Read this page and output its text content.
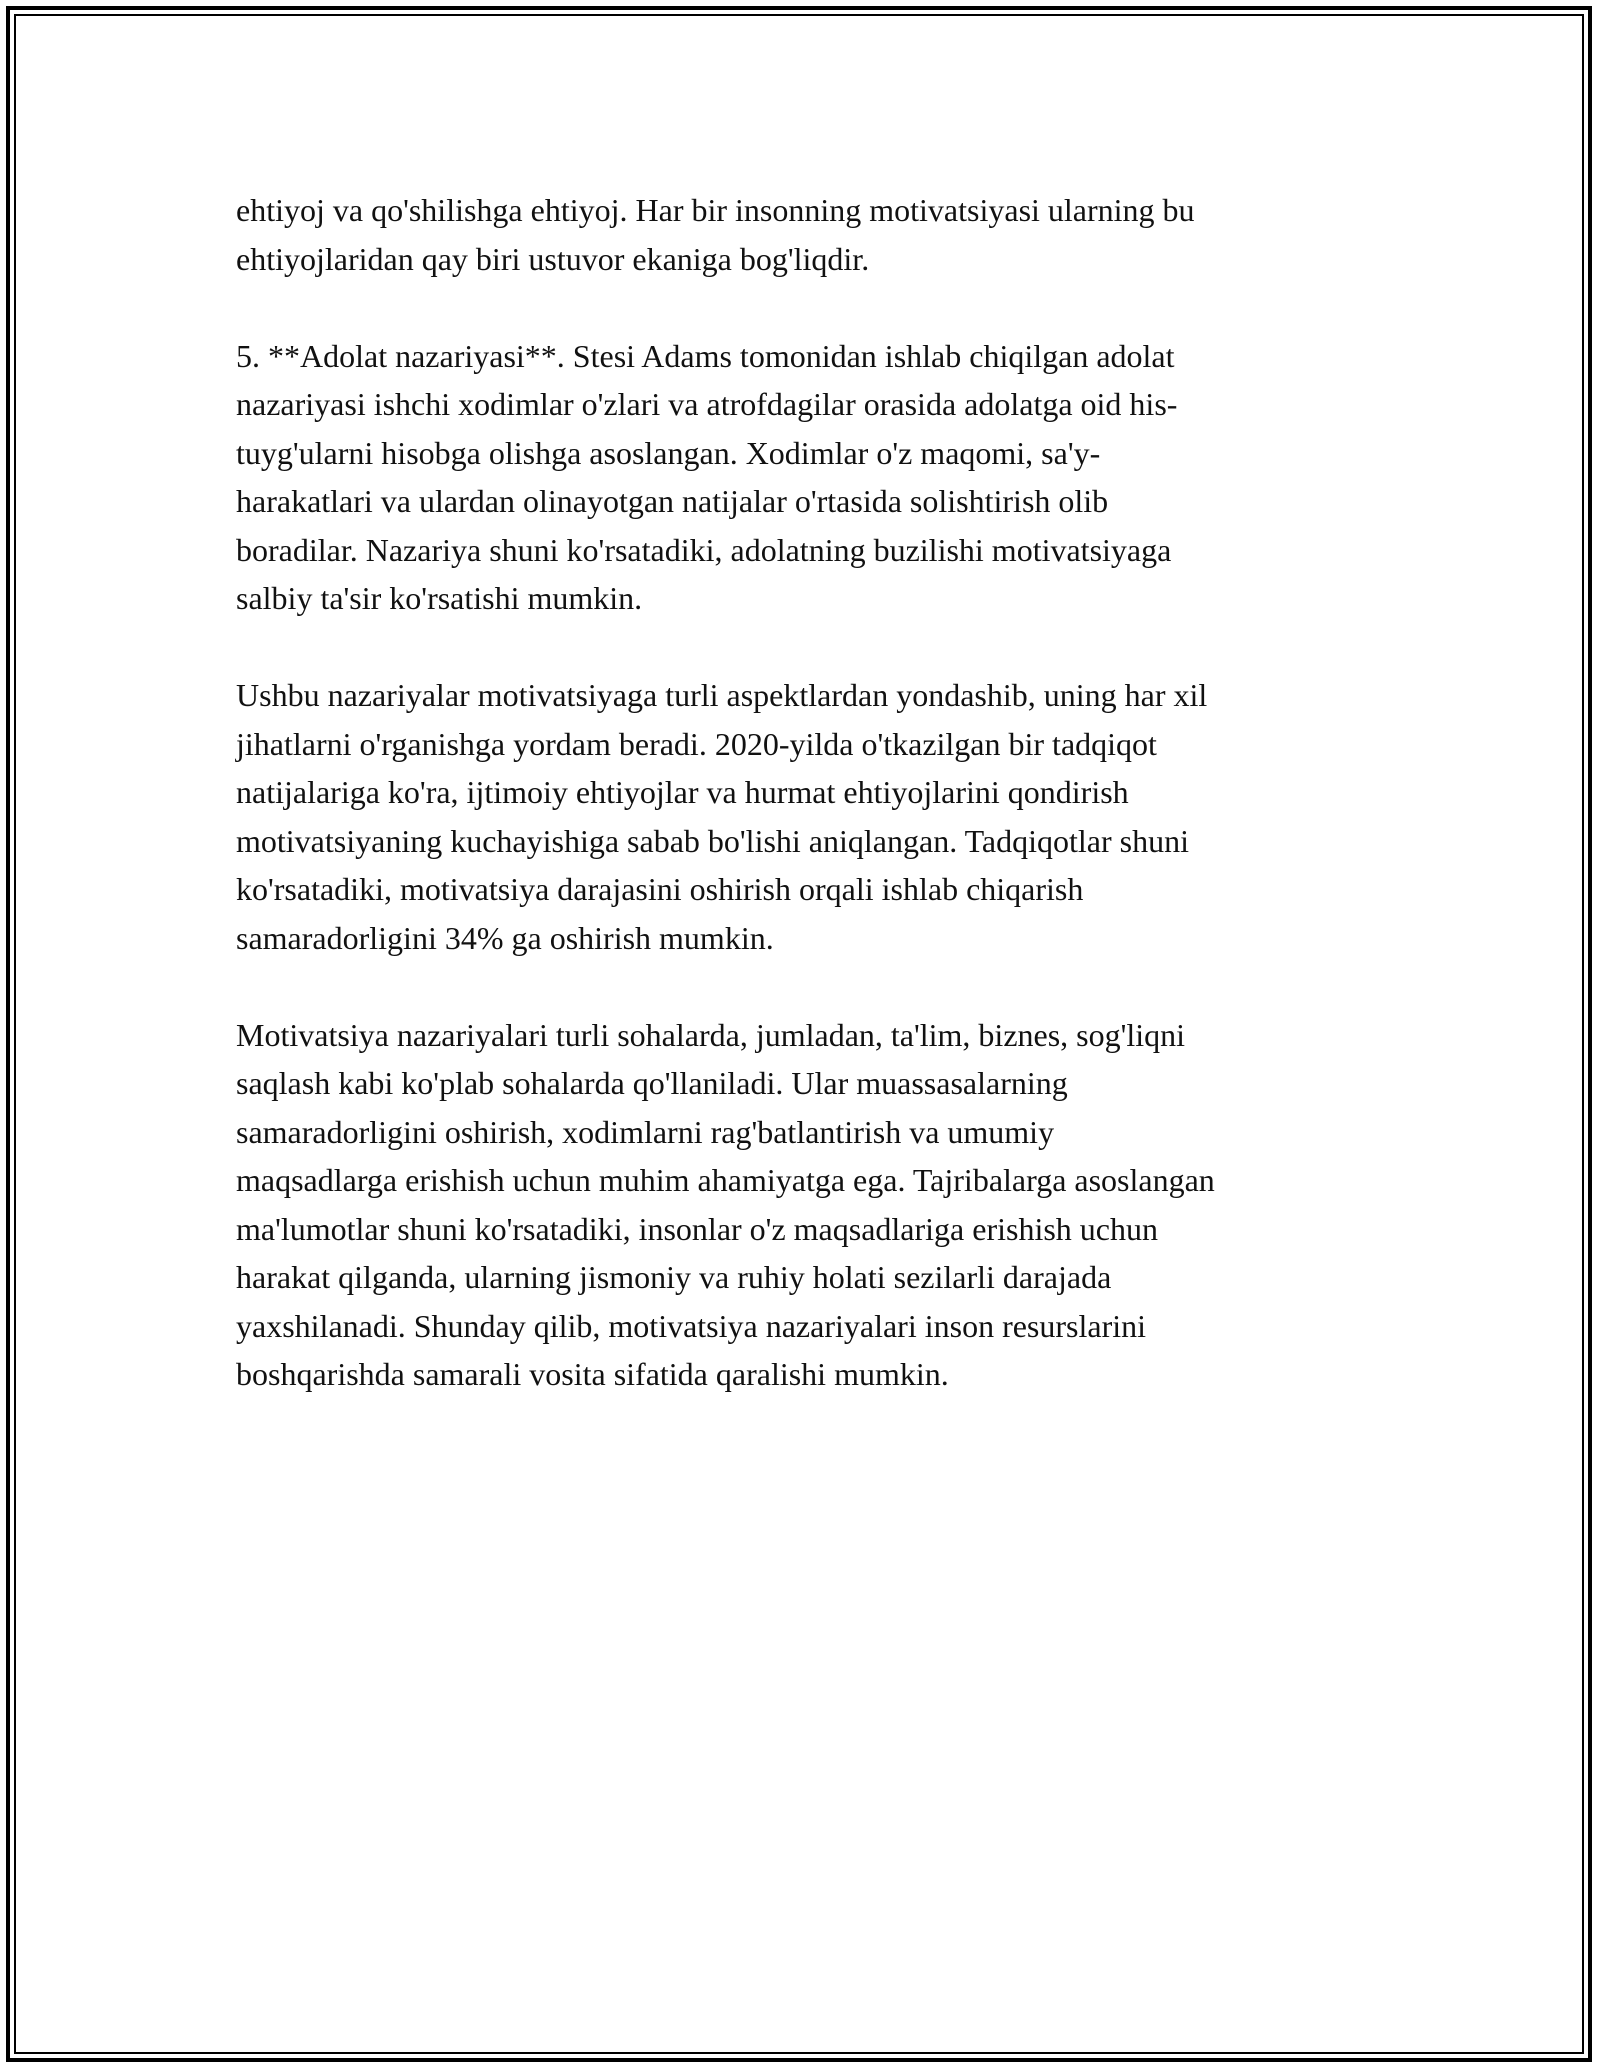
ehtiyoj va qo'shilishga ehtiyoj. Har bir insonning motivatsiyasi ularning bu
ehtiyojlaridan qay biri ustuvor ekaniga bog'liqdir.

5. **Adolat nazariyasi**. Stesi Adams tomonidan ishlab chiqilgan adolat
nazariyasi ishchi xodimlar o'zlari va atrofdagilar orasida adolatga oid his-
tuyg'ularni hisobga olishga asoslangan. Xodimlar o'z maqomi, sa'y-
harakatlari va ulardan olinayotgan natijalar o'rtasida solishtirish olib
boradilar. Nazariya shuni ko'rsatadiki, adolatning buzilishi motivatsiyaga
salbiy ta'sir ko'rsatishi mumkin.

Ushbu nazariyalar motivatsiyaga turli aspektlardan yondashib, uning har xil
jihatlarni o'rganishga yordam beradi. 2020-yilda o'tkazilgan bir tadqiqot
natijalariga ko'ra, ijtimoiy ehtiyojlar va hurmat ehtiyojlarini qondirish
motivatsiyaning kuchayishiga sabab bo'lishi aniqlangan. Tadqiqotlar shuni
ko'rsatadiki, motivatsiya darajasini oshirish orqali ishlab chiqarish
samaradorligini 34% ga oshirish mumkin.

Motivatsiya nazariyalari turli sohalarda, jumladan, ta'lim, biznes, sog'liqni
saqlash kabi ko'plab sohalarda qo'llaniladi. Ular muassasalarning
samaradorligini oshirish, xodimlarni rag'batlantirish va umumiy
maqsadlarga erishish uchun muhim ahamiyatga ega. Tajribalarga asoslangan
ma'lumotlar shuni ko'rsatadiki, insonlar o'z maqsadlariga erishish uchun
harakat qilganda, ularning jismoniy va ruhiy holati sezilarli darajada
yaxshilanadi. Shunday qilib, motivatsiya nazariyalari inson resurslarini
boshqarishda samarali vosita sifatida qaralishi mumkin.
